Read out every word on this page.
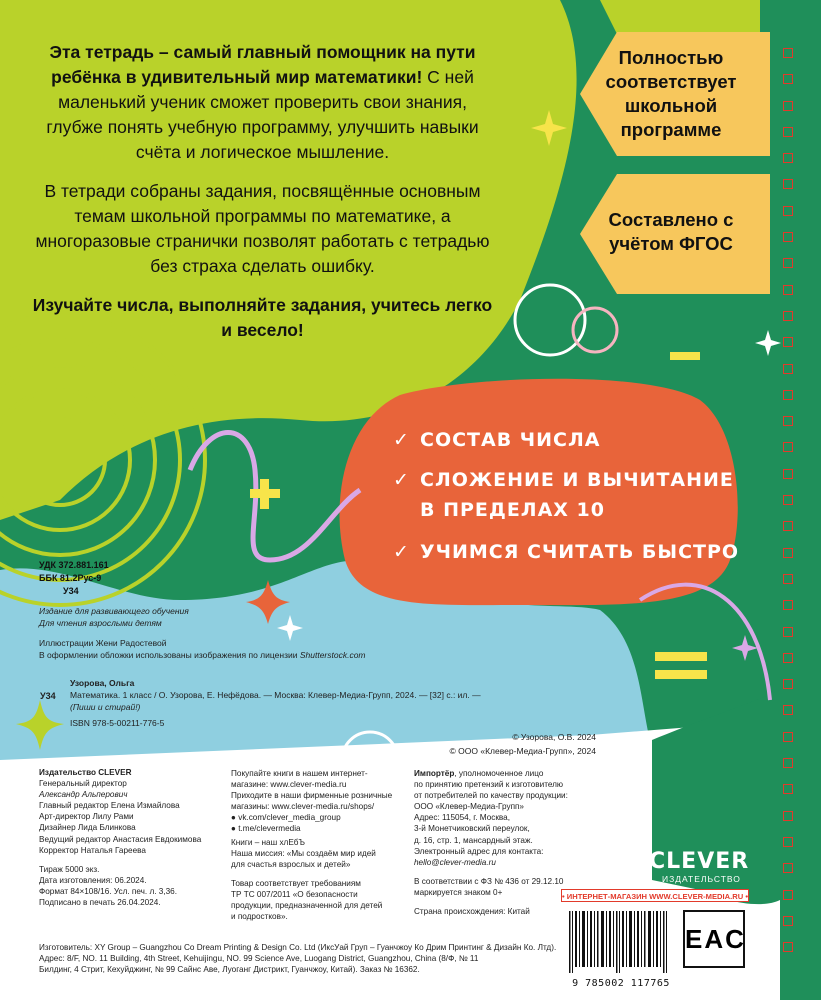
Эта тетрадь – самый главный помощник на пути ребёнка в удивительный мир математики! С ней маленький ученик сможет проверить свои знания, глубже понять учебную программу, улучшить навыки счёта и логическое мышление.

В тетради собраны задания, посвящённые основным темам школьной программы по математике, а многоразовые странички позволят работать с тетрадью без страха сделать ошибку.

Изучайте числа, выполняйте задания, учитесь легко и весело!

Полностью соответствует школьной программе
Составлено с учётом ФГОС
✓ СОСТАВ ЧИСЛА
✓ СЛОЖЕНИЕ И ВЫЧИТАНИЕ
В ПРЕДЕЛАХ 10
✓ УЧИМСЯ СЧИТАТЬ БЫСТРО
УДК 372.881.161
ББК 81.2Рус-9
У34
Издание для развивающего обучения
Для чтения взрослыми детям
Иллюстрации Жени Радостевой
В оформлении обложки использованы изображения по лицензии Shutterstock.com
У34
Узорова, Ольга
Математика. 1 класс / О. Узорова, Е. Нефёдова. — Москва: Клевер-Медиа-Групп, 2024. — [32] с.: ил. —
(Пиши и стирай!)
ISBN 978-5-00211-776-5
© Узорова, О.В. 2024
© ООО «Клевер-Медиа-Групп», 2024
Издательство CLEVER
Генеральный директор
Александр Альперович
Главный редактор Елена Измайлова
Арт-директор Лилу Рами
Дизайнер Лида Блинкова
Ведущий редактор Анастасия Евдокимова
Корректор Наталья Гареева
Тираж 5000 экз.
Дата изготовления: 06.2024.
Формат 84×108/16. Усл. печ. л. 3,36.
Подписано в печать 26.04.2024.
Покупайте книги в нашем интернет-
магазине: www.clever-media.ru
Приходите в наши фирменные розничные
магазины: www.clever-media.ru/shops/
● vk.com/clever_media_group
● t.me/clevermedia
Книги – наш хлЕбЪ
Наша миссия: «Мы создаём мир идей
для счастья взрослых и детей»
Товар соответствует требованиям
ТР ТС 007/2011 «О безопасности
продукции, предназначенной для детей
и подростков».
Импортёр, уполномоченное лицо
по принятию претензий к изготовителю
от потребителей по качеству продукции:
ООО «Клевер-Медиа-Групп»
Адрес: 115054, г. Москва,
3-й Монетчиковский переулок,
д. 16, стр. 1, мансардный этаж.
Электронный адрес для контакта:
hello@clever-media.ru
В соответствии с ФЗ № 436 от 29.12.10
маркируется знаком 0+
Страна происхождения: Китай
Изготовитель: XY Group – Guangzhou Co Dream Printing & Design Co. Ltd (ИксУай Груп – Гуанчжоу Ко Дрим Принтинг & Дизайн Ко. Лтд).
Адрес: 8/F, NO. 11 Building, 4th Street, Kehuijingu, NO. 99 Science Ave, Luogang District, Guangzhou, China (8/Ф, № 11
Билдинг, 4 Стрит, Кехуйджинг, № 99 Сайнс Аве, Луоганг Дистрикт, Гуанчжоу, Китай). Заказ № 16362.
CLEVER
ИЗДАТЕЛЬСТВО
• ИНТЕРНЕТ-МАГАЗИН WWW.CLEVER-MEDIA.RU •
9 785002 117765
EAC
